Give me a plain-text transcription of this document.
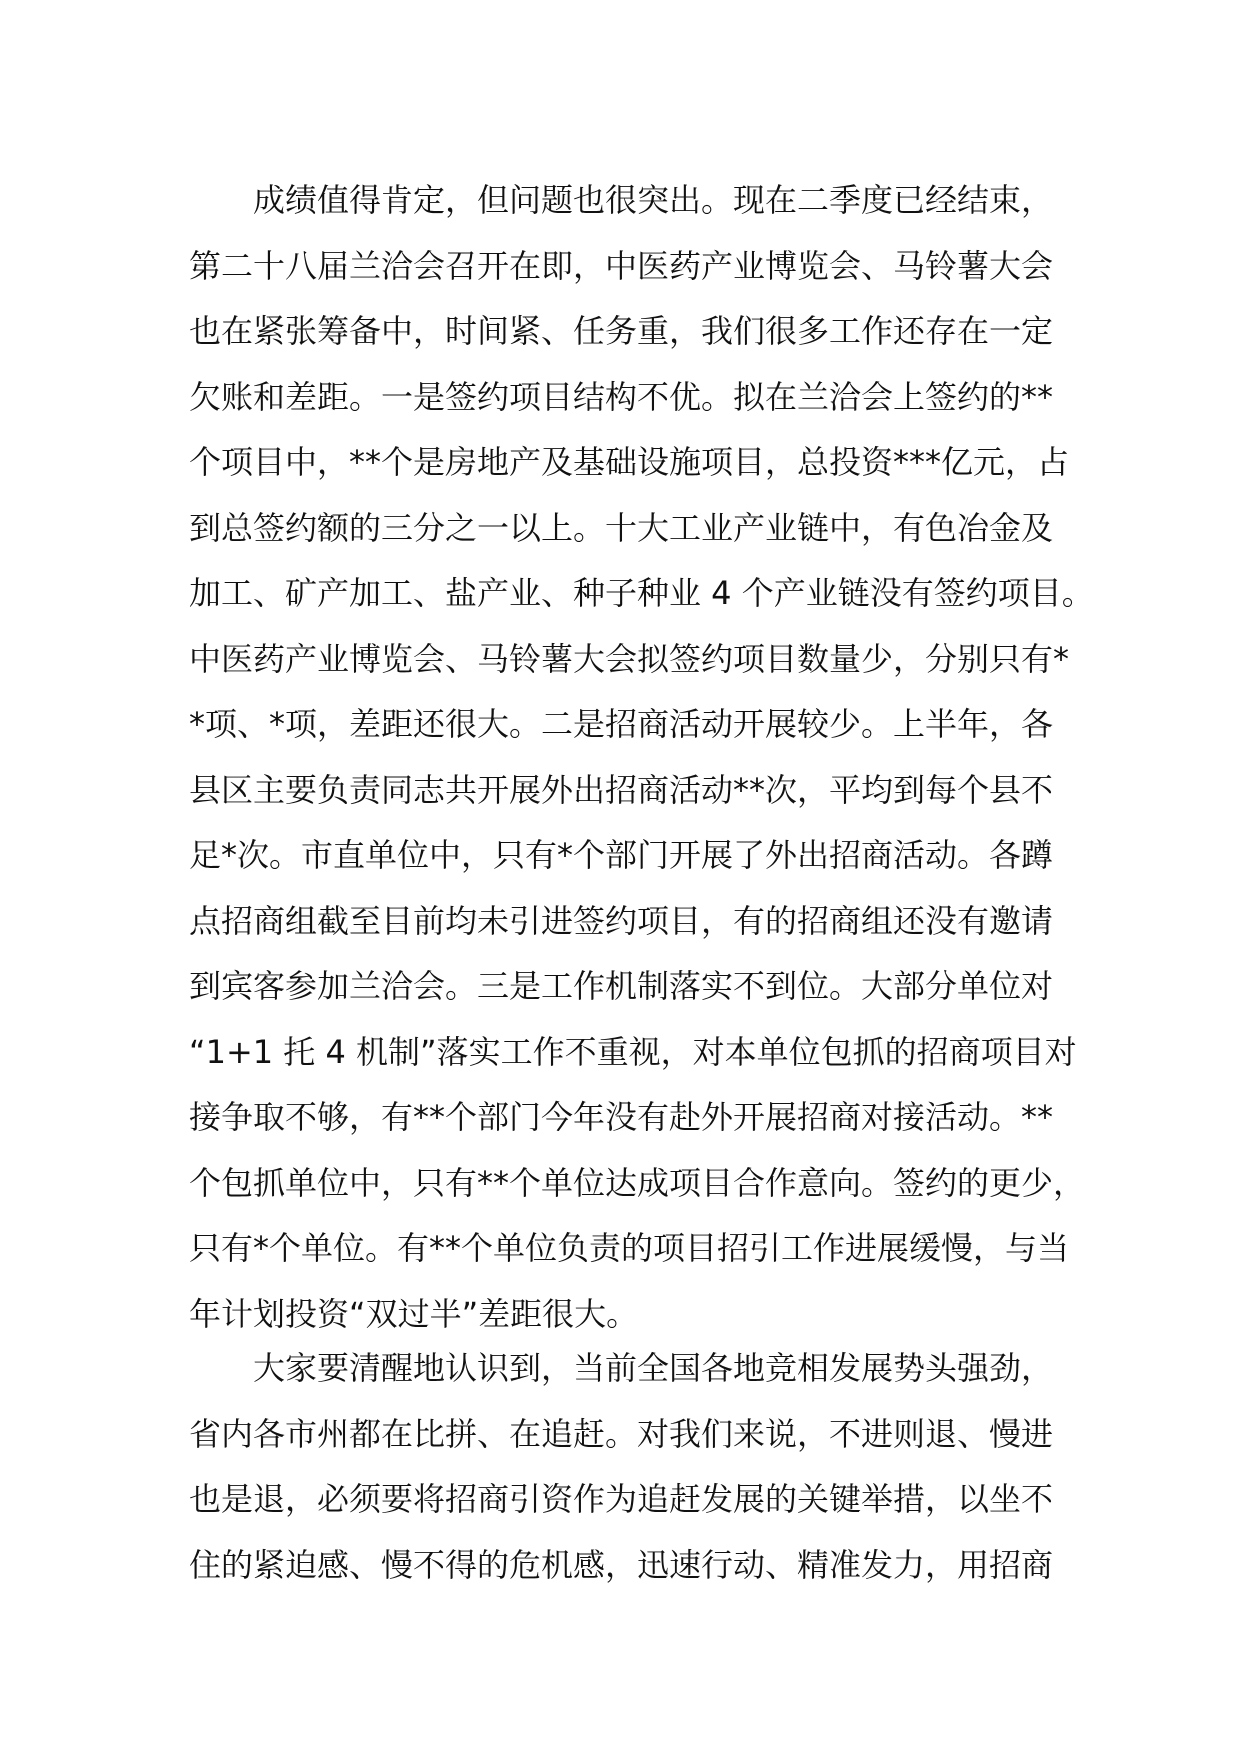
成绩值得肯定，但问题也很突出。现在二季度已经结束，
第二十八届兰洽会召开在即，中医药产业博览会、马铃薯大会
也在紧张筹备中，时间紧、任务重，我们很多工作还存在一定
欠账和差距。一是签约项目结构不优。拟在兰洽会上签约的**
个项目中，**个是房地产及基础设施项目，总投资***亿元，占
到总签约额的三分之一以上。十大工业产业链中，有色冶金及
加工、矿产加工、盐产业、种子种业 4 个产业链没有签约项目。
中医药产业博览会、马铃薯大会拟签约项目数量少，分别只有*
*项、*项，差距还很大。二是招商活动开展较少。上半年，各
县区主要负责同志共开展外出招商活动**次，平均到每个县不
足*次。市直单位中，只有*个部门开展了外出招商活动。各蹲
点招商组截至目前均未引进签约项目，有的招商组还没有邀请
到宾客参加兰洽会。三是工作机制落实不到位。大部分单位对
“1+1 托 4 机制”落实工作不重视，对本单位包抓的招商项目对
接争取不够，有**个部门今年没有赴外开展招商对接活动。**
个包抓单位中，只有**个单位达成项目合作意向。签约的更少，
只有*个单位。有**个单位负责的项目招引工作进展缓慢，与当
年计划投资“双过半”差距很大。
大家要清醒地认识到，当前全国各地竞相发展势头强劲，
省内各市州都在比拼、在追赶。对我们来说，不进则退、慢进
也是退，必须要将招商引资作为追赶发展的关键举措，以坐不
住的紧迫感、慢不得的危机感，迅速行动、精准发力，用招商
